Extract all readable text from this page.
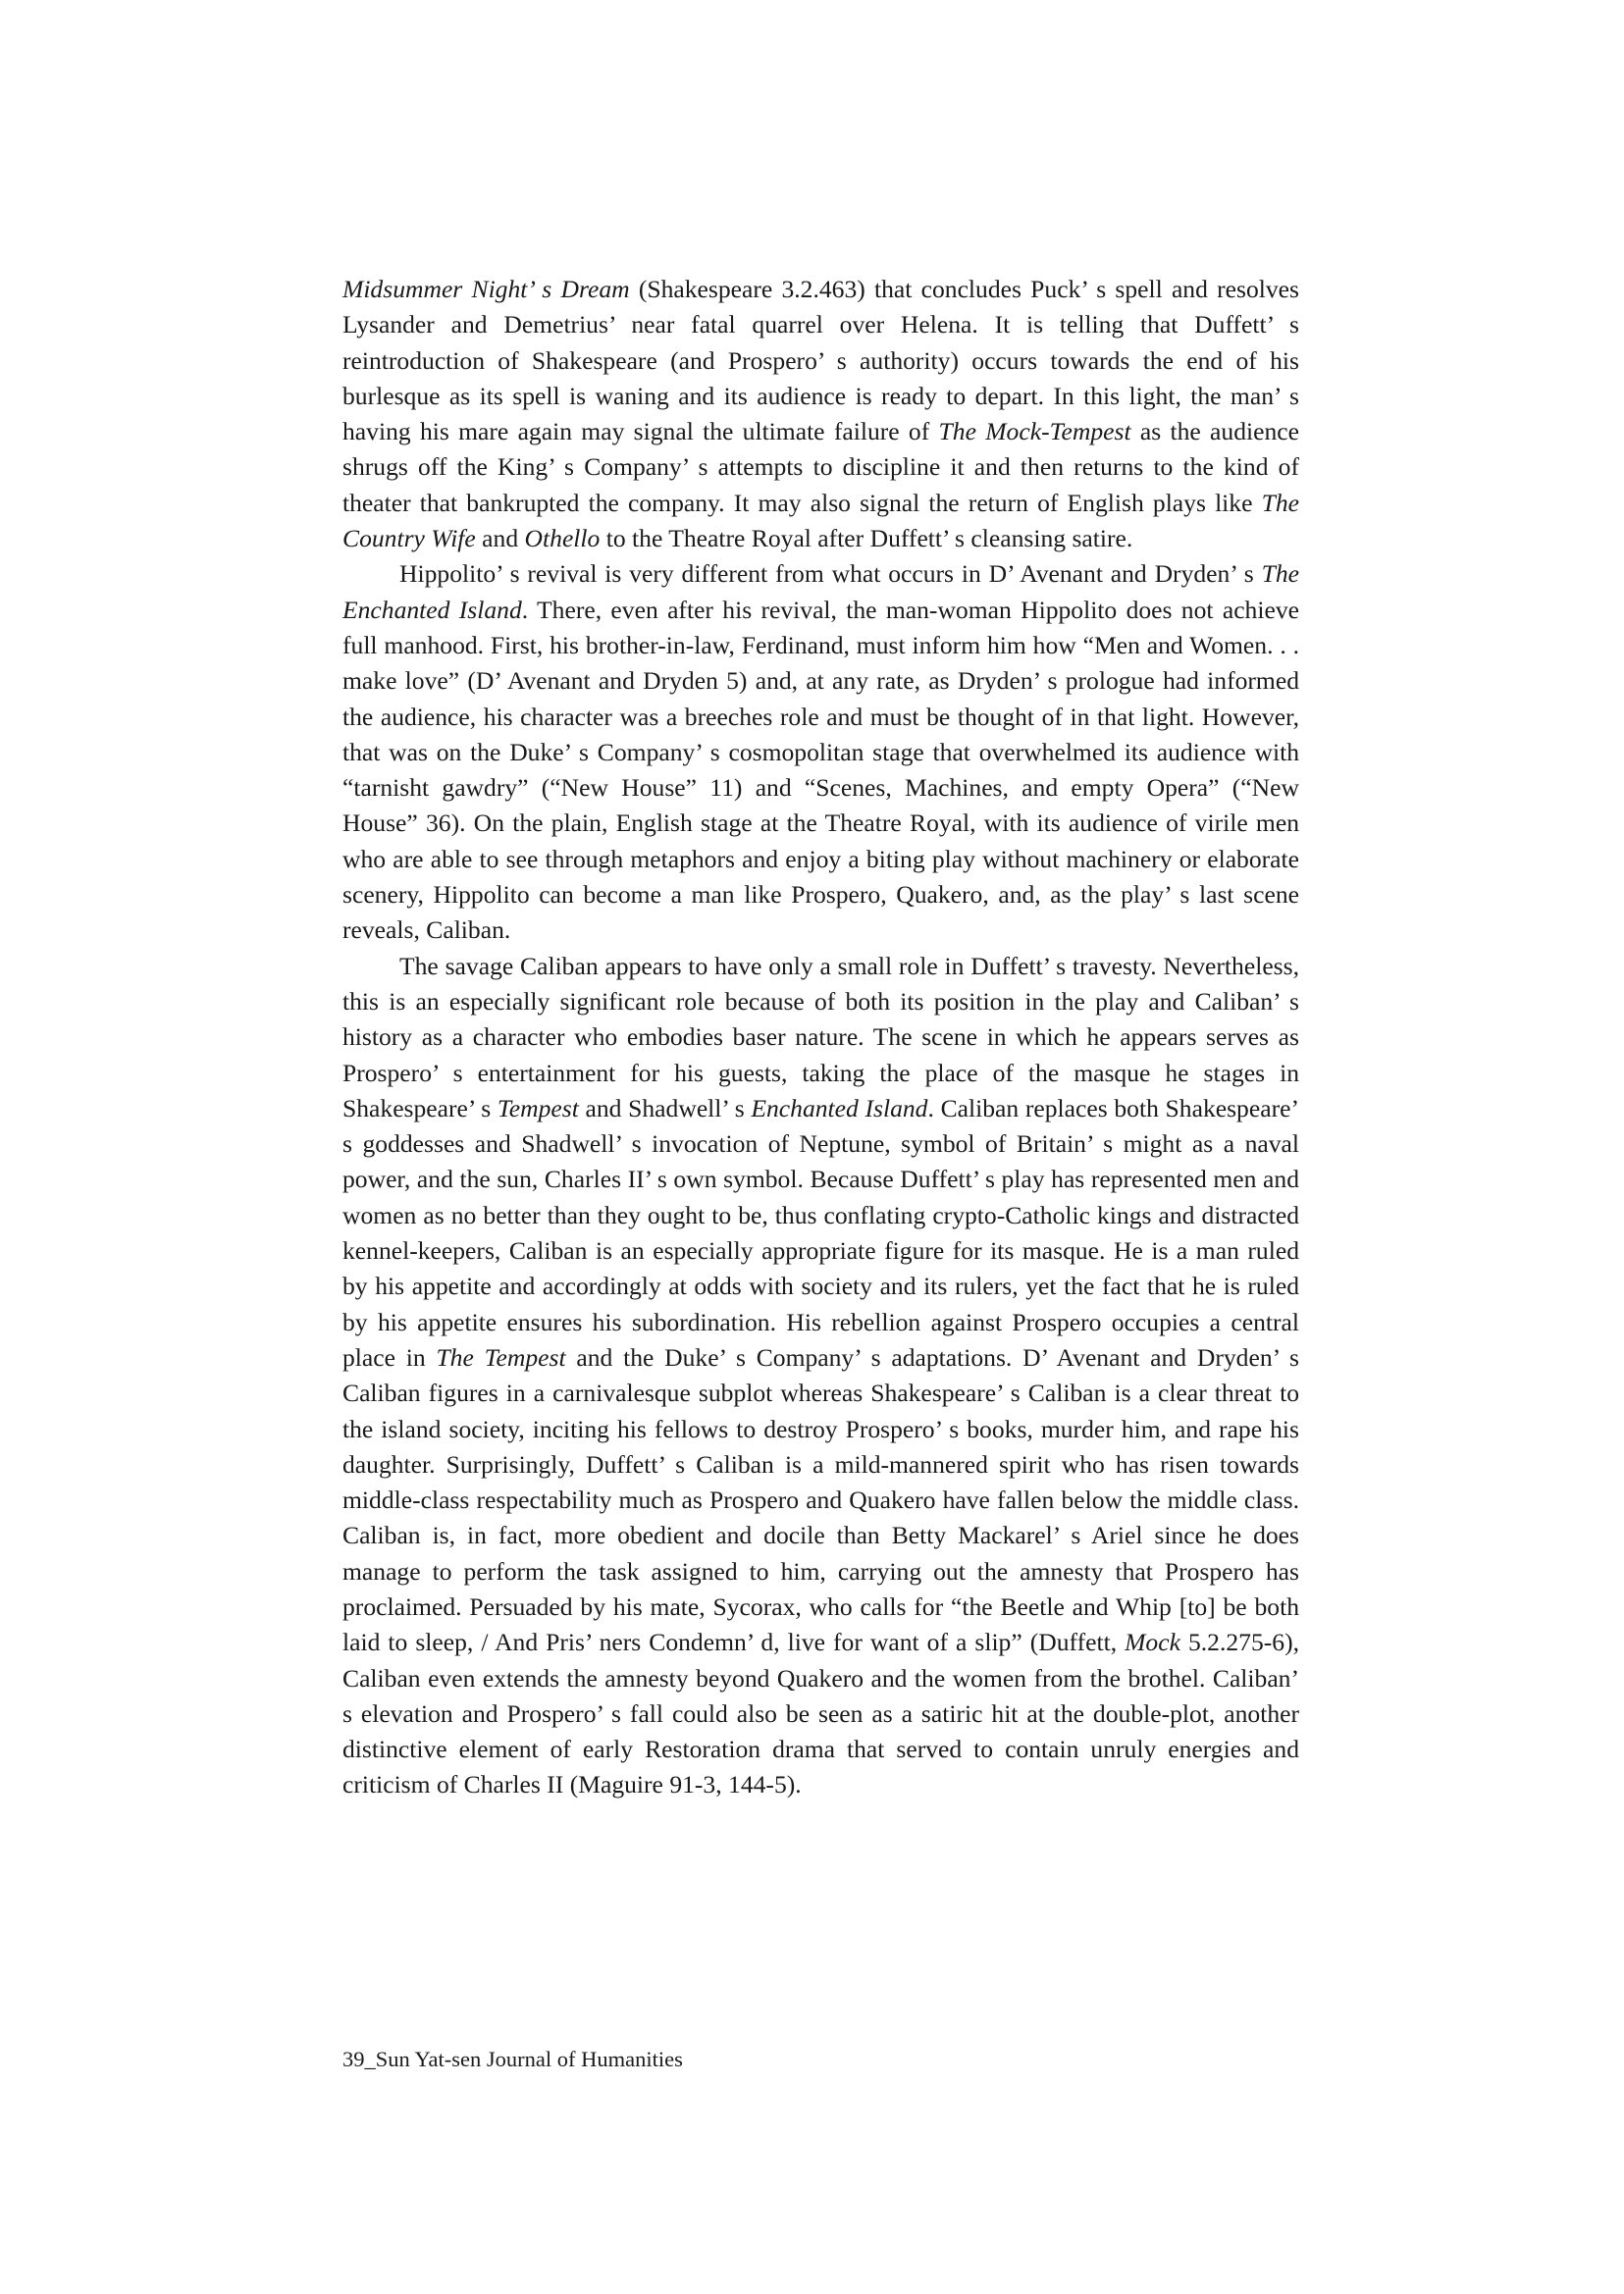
Midsummer Night’ s Dream (Shakespeare 3.2.463) that concludes Puck’ s spell and resolves Lysander and Demetrius’ near fatal quarrel over Helena. It is telling that Duffett’ s reintroduction of Shakespeare (and Prospero’ s authority) occurs towards the end of his burlesque as its spell is waning and its audience is ready to depart. In this light, the man’ s having his mare again may signal the ultimate failure of The Mock-Tempest as the audience shrugs off the King’ s Company’ s attempts to discipline it and then returns to the kind of theater that bankrupted the company. It may also signal the return of English plays like The Country Wife and Othello to the Theatre Royal after Duffett’ s cleansing satire.

Hippolito’ s revival is very different from what occurs in D’ Avenant and Dryden’ s The Enchanted Island. There, even after his revival, the man-woman Hippolito does not achieve full manhood. First, his brother-in-law, Ferdinand, must inform him how “Men and Women. . . make love” (D’ Avenant and Dryden 5) and, at any rate, as Dryden’ s prologue had informed the audience, his character was a breeches role and must be thought of in that light. However, that was on the Duke’ s Company’ s cosmopolitan stage that overwhelmed its audience with “tarnisht gawdry” (“New House” 11) and “Scenes, Machines, and empty Opera” (“New House” 36). On the plain, English stage at the Theatre Royal, with its audience of virile men who are able to see through metaphors and enjoy a biting play without machinery or elaborate scenery, Hippolito can become a man like Prospero, Quakero, and, as the play’ s last scene reveals, Caliban.

The savage Caliban appears to have only a small role in Duffett’ s travesty. Nevertheless, this is an especially significant role because of both its position in the play and Caliban’ s history as a character who embodies baser nature. The scene in which he appears serves as Prospero’ s entertainment for his guests, taking the place of the masque he stages in Shakespeare’ s Tempest and Shadwell’ s Enchanted Island. Caliban replaces both Shakespeare’ s goddesses and Shadwell’ s invocation of Neptune, symbol of Britain’ s might as a naval power, and the sun, Charles II’ s own symbol. Because Duffett’ s play has represented men and women as no better than they ought to be, thus conflating crypto-Catholic kings and distracted kennel-keepers, Caliban is an especially appropriate figure for its masque. He is a man ruled by his appetite and accordingly at odds with society and its rulers, yet the fact that he is ruled by his appetite ensures his subordination. His rebellion against Prospero occupies a central place in The Tempest and the Duke’ s Company’ s adaptations. D’ Avenant and Dryden’ s Caliban figures in a carnivalesque subplot whereas Shakespeare’ s Caliban is a clear threat to the island society, inciting his fellows to destroy Prospero’ s books, murder him, and rape his daughter. Surprisingly, Duffett’ s Caliban is a mild-mannered spirit who has risen towards middle-class respectability much as Prospero and Quakero have fallen below the middle class. Caliban is, in fact, more obedient and docile than Betty Mackarel’ s Ariel since he does manage to perform the task assigned to him, carrying out the amnesty that Prospero has proclaimed. Persuaded by his mate, Sycorax, who calls for “the Beetle and Whip [to] be both laid to sleep, / And Pris’ ners Condemn’ d, live for want of a slip” (Duffett, Mock 5.2.275-6), Caliban even extends the amnesty beyond Quakero and the women from the brothel. Caliban’ s elevation and Prospero’ s fall could also be seen as a satiric hit at the double-plot, another distinctive element of early Restoration drama that served to contain unruly energies and criticism of Charles II (Maguire 91-3, 144-5).

39_Sun Yat-sen Journal of Humanities
